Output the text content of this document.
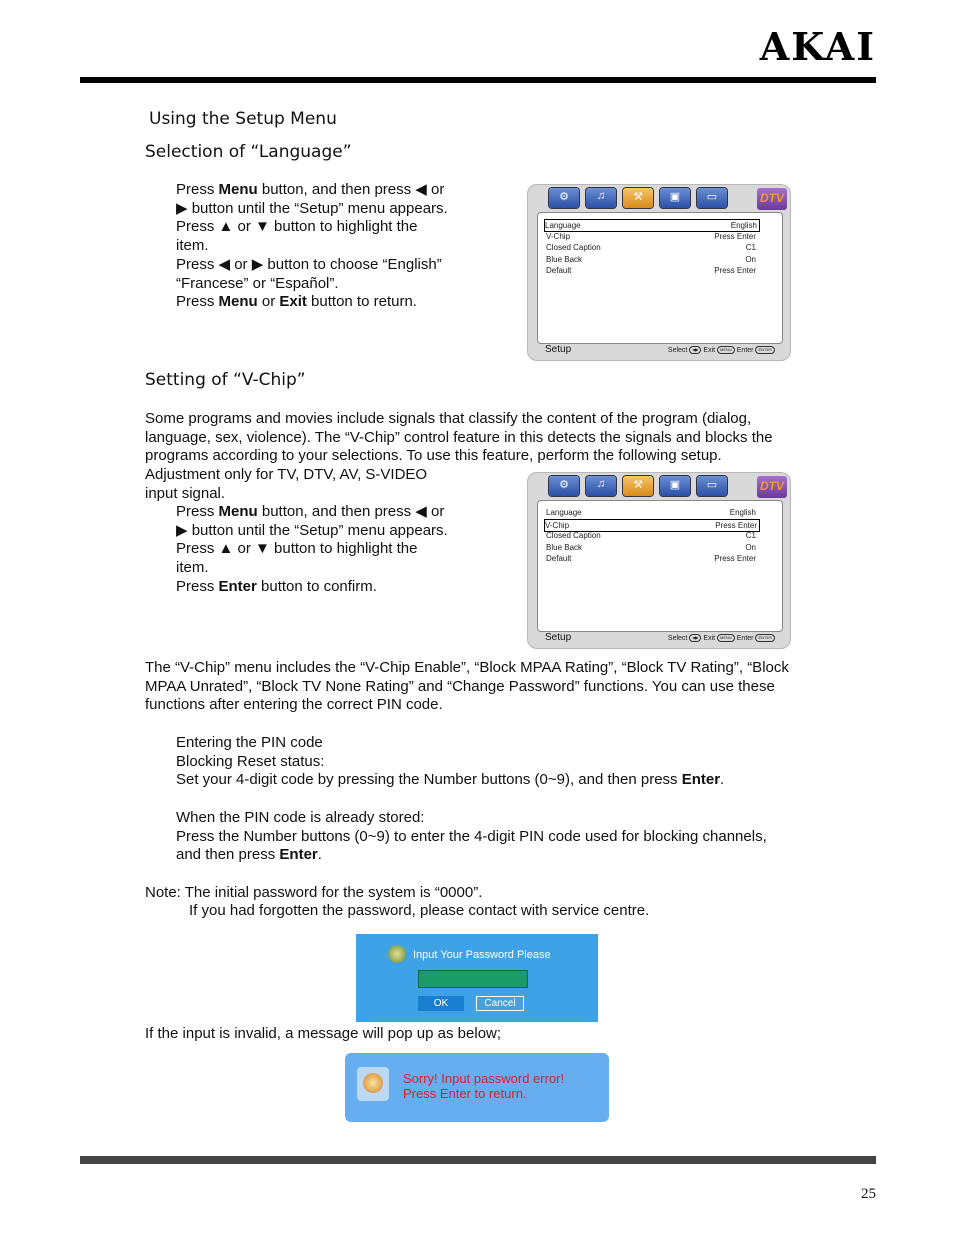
AKAI
Using the Setup Menu
Selection of “Language”
Press Menu button, and then press ◀ or
▶ button until the “Setup” menu appears.
Press ▲ or ▼ button to highlight the
item.
Press ◀ or ▶ button to choose “English”
“Francese” or “Español”.
Press Menu or Exit button to return.
⚙	♫	⚒	▣	▭	DTV
Language	English
V-Chip	Press Enter
Closed Caption	C1
Blue Back	On
Default	Press Enter
Setup	Select ◀▶ Exit MENU Enter ENTER
Setting of “V-Chip”
Some programs and movies include signals that classify the content of the program (dialog,
language, sex, violence). The “V-Chip” control feature in this detects the signals and blocks the
programs according to your selections. To use this feature, perform the following setup.
Adjustment only for TV, DTV, AV, S-VIDEO
input signal.
Press Menu button, and then press ◀ or
▶ button until the “Setup” menu appears.
Press ▲ or ▼ button to highlight the
item.
Press Enter button to confirm.
⚙	♫	⚒	▣	▭	DTV
Language	English
V-Chip	Press Enter
Closed Caption	C1
Blue Back	On
Default	Press Enter
Setup	Select ◀▶ Exit MENU Enter ENTER
The “V-Chip” menu includes the “V-Chip Enable”, “Block MPAA Rating”, “Block TV Rating”, “Block
MPAA Unrated”, “Block TV None Rating” and “Change Password” functions. You can use these
functions after entering the correct PIN code.
Entering the PIN code
Blocking Reset status:
Set your 4-digit code by pressing the Number buttons (0~9), and then press Enter.
When the PIN code is already stored:
Press the Number buttons (0~9) to enter the 4-digit PIN code used for blocking channels,
and then press Enter.
Note: The initial password for the system is “0000”.
If you had forgotten the password, please contact with service centre.
Input Your Password Please
OK	Cancel
If the input is invalid, a message will pop up as below;
Sorry! Input password error!
Press Enter to return.
25
